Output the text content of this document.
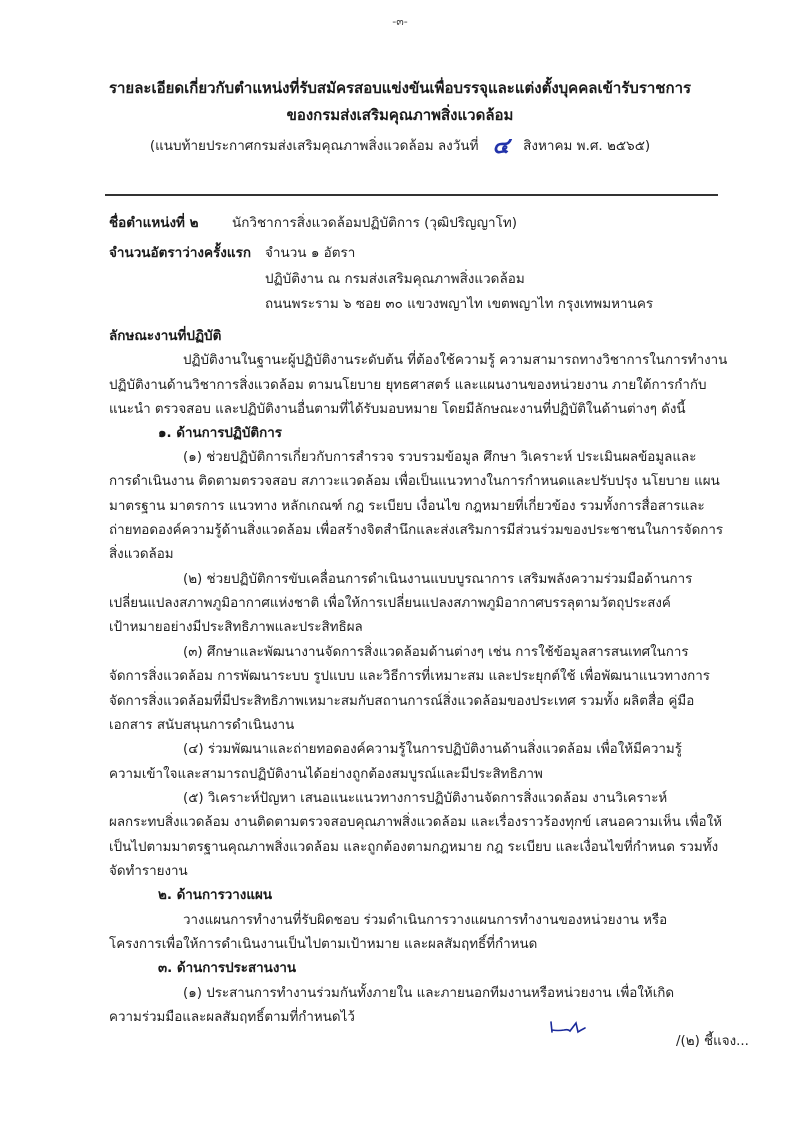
-๓-
รายละเอียดเกี่ยวกับตำแหน่งที่รับสมัครสอบแข่งขันเพื่อบรรจุและแต่งตั้งบุคคลเข้ารับราชการ
ของกรมส่งเสริมคุณภาพสิ่งแวดล้อม
(แนบท้ายประกาศกรมส่งเสริมคุณภาพสิ่งแวดล้อม ลงวันที่ ๔ สิงหาคม พ.ศ. ๒๕๖๕)
ชื่อตำแหน่งที่ ๒ นักวิชาการสิ่งแวดล้อมปฏิบัติการ (วุฒิปริญญาโท)
จำนวนอัตราว่างครั้งแรก จำนวน ๑ อัตรา
ปฏิบัติงาน ณ กรมส่งเสริมคุณภาพสิ่งแวดล้อม
ถนนพระราม ๖ ซอย ๓๐ แขวงพญาไท เขตพญาไท กรุงเทพมหานคร
ลักษณะงานที่ปฏิบัติ
ปฏิบัติงานในฐานะผู้ปฏิบัติงานระดับต้น ที่ต้องใช้ความรู้ ความสามารถทางวิชาการในการทำงาน
ปฏิบัติงานด้านวิชาการสิ่งแวดล้อม ตามนโยบาย ยุทธศาสตร์ และแผนงานของหน่วยงาน ภายใต้การกำกับ
แนะนำ ตรวจสอบ และปฏิบัติงานอื่นตามที่ได้รับมอบหมาย โดยมีลักษณะงานที่ปฏิบัติในด้านต่างๆ ดังนี้
๑. ด้านการปฏิบัติการ
(๑) ช่วยปฏิบัติการเกี่ยวกับการสำรวจ รวบรวมข้อมูล ศึกษา วิเคราะห์ ประเมินผลข้อมูลและ
การดำเนินงาน ติดตามตรวจสอบ สภาวะแวดล้อม เพื่อเป็นแนวทางในการกำหนดและปรับปรุง นโยบาย แผน
มาตรฐาน มาตรการ แนวทาง หลักเกณฑ์ กฎ ระเบียบ เงื่อนไข กฎหมายที่เกี่ยวข้อง รวมทั้งการสื่อสารและ
ถ่ายทอดองค์ความรู้ด้านสิ่งแวดล้อม เพื่อสร้างจิตสำนึกและส่งเสริมการมีส่วนร่วมของประชาชนในการจัดการ
สิ่งแวดล้อม
(๒) ช่วยปฏิบัติการขับเคลื่อนการดำเนินงานแบบบูรณาการ เสริมพลังความร่วมมือด้านการ
เปลี่ยนแปลงสภาพภูมิอากาศแห่งชาติ เพื่อให้การเปลี่ยนแปลงสภาพภูมิอากาศบรรลุตามวัตถุประสงค์
เป้าหมายอย่างมีประสิทธิภาพและประสิทธิผล
(๓) ศึกษาและพัฒนางานจัดการสิ่งแวดล้อมด้านต่างๆ เช่น การใช้ข้อมูลสารสนเทศในการ
จัดการสิ่งแวดล้อม การพัฒนาระบบ รูปแบบ และวิธีการที่เหมาะสม และประยุกต์ใช้ เพื่อพัฒนาแนวทางการ
จัดการสิ่งแวดล้อมที่มีประสิทธิภาพเหมาะสมกับสถานการณ์สิ่งแวดล้อมของประเทศ รวมทั้ง ผลิตสื่อ คู่มือ
เอกสาร สนับสนุนการดำเนินงาน
(๔) ร่วมพัฒนาและถ่ายทอดองค์ความรู้ในการปฏิบัติงานด้านสิ่งแวดล้อม เพื่อให้มีความรู้
ความเข้าใจและสามารถปฏิบัติงานได้อย่างถูกต้องสมบูรณ์และมีประสิทธิภาพ
(๕) วิเคราะห์ปัญหา เสนอแนะแนวทางการปฏิบัติงานจัดการสิ่งแวดล้อม งานวิเคราะห์
ผลกระทบสิ่งแวดล้อม งานติดตามตรวจสอบคุณภาพสิ่งแวดล้อม และเรื่องราวร้องทุกข์ เสนอความเห็น เพื่อให้
เป็นไปตามมาตรฐานคุณภาพสิ่งแวดล้อม และถูกต้องตามกฎหมาย กฎ ระเบียบ และเงื่อนไขที่กำหนด รวมทั้ง
จัดทำรายงาน
๒. ด้านการวางแผน
วางแผนการทำงานที่รับผิดชอบ ร่วมดำเนินการวางแผนการทำงานของหน่วยงาน หรือ
โครงการเพื่อให้การดำเนินงานเป็นไปตามเป้าหมาย และผลสัมฤทธิ์ที่กำหนด
๓. ด้านการประสานงาน
(๑) ประสานการทำงานร่วมกันทั้งภายใน และภายนอกทีมงานหรือหน่วยงาน เพื่อให้เกิด
ความร่วมมือและผลสัมฤทธิ์ตามที่กำหนดไว้
/(๒) ชี้แจง...
